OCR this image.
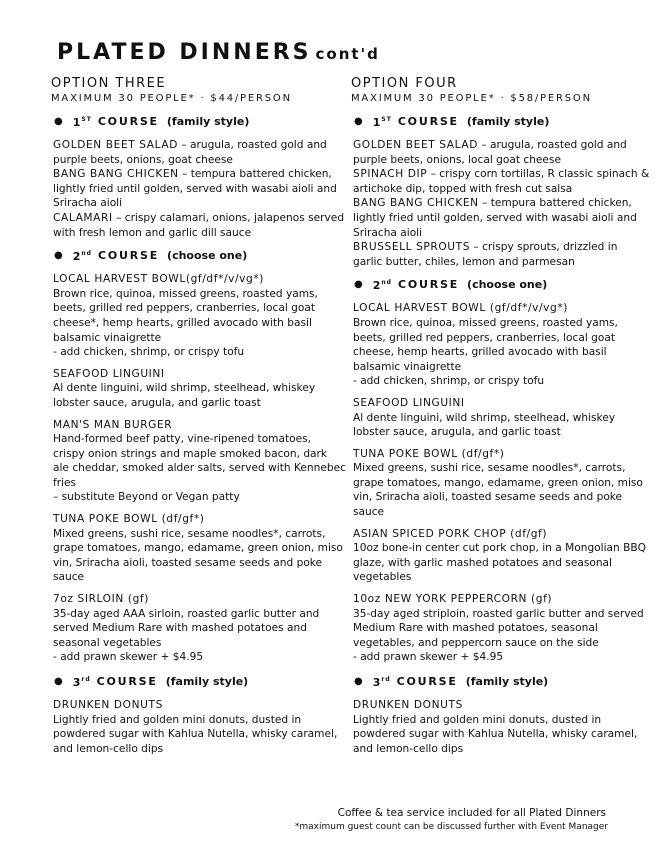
PLATED DINNERS cont'd
OPTION THREE
MAXIMUM 30 PEOPLE* · $44/PERSON
● 1ST COURSE (family style)
GOLDEN BEET SALAD – arugula, roasted gold and purple beets, onions, goat cheese
BANG BANG CHICKEN – tempura battered chicken, lightly fried until golden, served with wasabi aioli and Sriracha aioli
CALAMARI – crispy calamari, onions, jalapenos served with fresh lemon and garlic dill sauce
● 2nd COURSE (choose one)
LOCAL HARVEST BOWL(gf/df*/v/vg*)
Brown rice, quinoa, missed greens, roasted yams, beets, grilled red peppers, cranberries, local goat cheese*, hemp hearts, grilled avocado with basil balsamic vinaigrette
- add chicken, shrimp, or crispy tofu
SEAFOOD LINGUINI
Al dente linguini, wild shrimp, steelhead, whiskey lobster sauce, arugula, and garlic toast
MAN'S MAN BURGER
Hand-formed beef patty, vine-ripened tomatoes, crispy onion strings and maple smoked bacon, dark ale cheddar, smoked alder salts, served with Kennebec fries
– substitute Beyond or Vegan patty
TUNA POKE BOWL (df/gf*)
Mixed greens, sushi rice, sesame noodles*, carrots, grape tomatoes, mango, edamame, green onion, miso vin, Sriracha aioli, toasted sesame seeds and poke sauce
7oz SIRLOIN (gf)
35-day aged AAA sirloin, roasted garlic butter and served Medium Rare with mashed potatoes and seasonal vegetables
- add prawn skewer + $4.95
● 3rd COURSE (family style)
DRUNKEN DONUTS
Lightly fried and golden mini donuts, dusted in powdered sugar with Kahlua Nutella, whisky caramel, and lemon-cello dips
OPTION FOUR
MAXIMUM 30 PEOPLE* · $58/PERSON
● 1ST COURSE (family style)
GOLDEN BEET SALAD – arugula, roasted gold and purple beets, onions, local goat cheese
SPINACH DIP – crispy corn tortillas, R classic spinach & artichoke dip, topped with fresh cut salsa
BANG BANG CHICKEN – tempura battered chicken, lightly fried until golden, served with wasabi aioli and Sriracha aioli
BRUSSELL SPROUTS – crispy sprouts, drizzled in garlic butter, chiles, lemon and parmesan
● 2nd COURSE (choose one)
LOCAL HARVEST BOWL (gf/df*/v/vg*)
Brown rice, quinoa, missed greens, roasted yams, beets, grilled red peppers, cranberries, local goat cheese, hemp hearts, grilled avocado with basil balsamic vinaigrette
- add chicken, shrimp, or crispy tofu
SEAFOOD LINGUINI
Al dente linguini, wild shrimp, steelhead, whiskey lobster sauce, arugula, and garlic toast
TUNA POKE BOWL (df/gf*)
Mixed greens, sushi rice, sesame noodles*, carrots, grape tomatoes, mango, edamame, green onion, miso vin, Sriracha aioli, toasted sesame seeds and poke sauce
ASIAN SPICED PORK CHOP (df/gf)
10oz bone-in center cut pork chop, in a Mongolian BBQ glaze, with garlic mashed potatoes and seasonal vegetables
10oz NEW YORK PEPPERCORN (gf)
35-day aged striploin, roasted garlic butter and served Medium Rare with mashed potatoes, seasonal vegetables, and peppercorn sauce on the side
- add prawn skewer + $4.95
● 3rd COURSE (family style)
DRUNKEN DONUTS
Lightly fried and golden mini donuts, dusted in powdered sugar with Kahlua Nutella, whisky caramel, and lemon-cello dips
Coffee & tea service included for all Plated Dinners
*maximum guest count can be discussed further with Event Manager
